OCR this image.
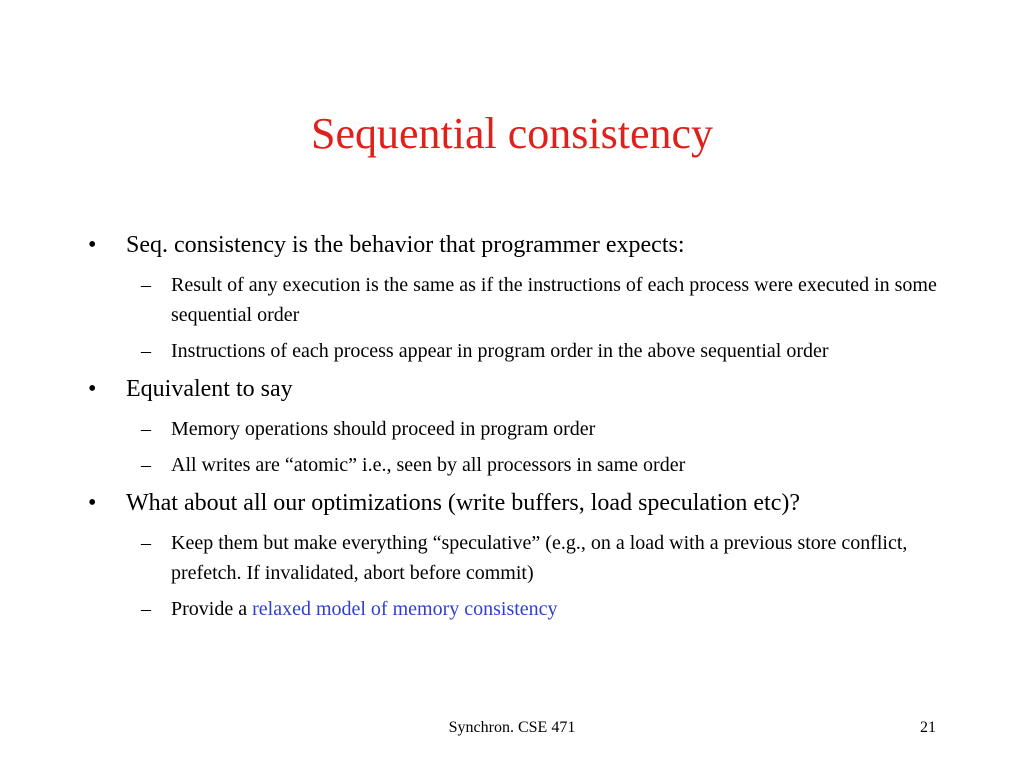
Sequential consistency
• Seq. consistency is the behavior that programmer expects:
– Result of any execution is the same as if the instructions of each process were executed in some sequential order
– Instructions of each process appear in program order in the above sequential order
• Equivalent to say
– Memory operations should proceed in program order
– All writes are “atomic” i.e., seen by all processors in same order
• What about all our optimizations (write buffers, load speculation etc)?
– Keep them but make everything “speculative” (e.g., on a load with a previous store conflict, prefetch. If invalidated, abort before commit)
– Provide a relaxed model of memory consistency
Synchron. CSE 471	21
